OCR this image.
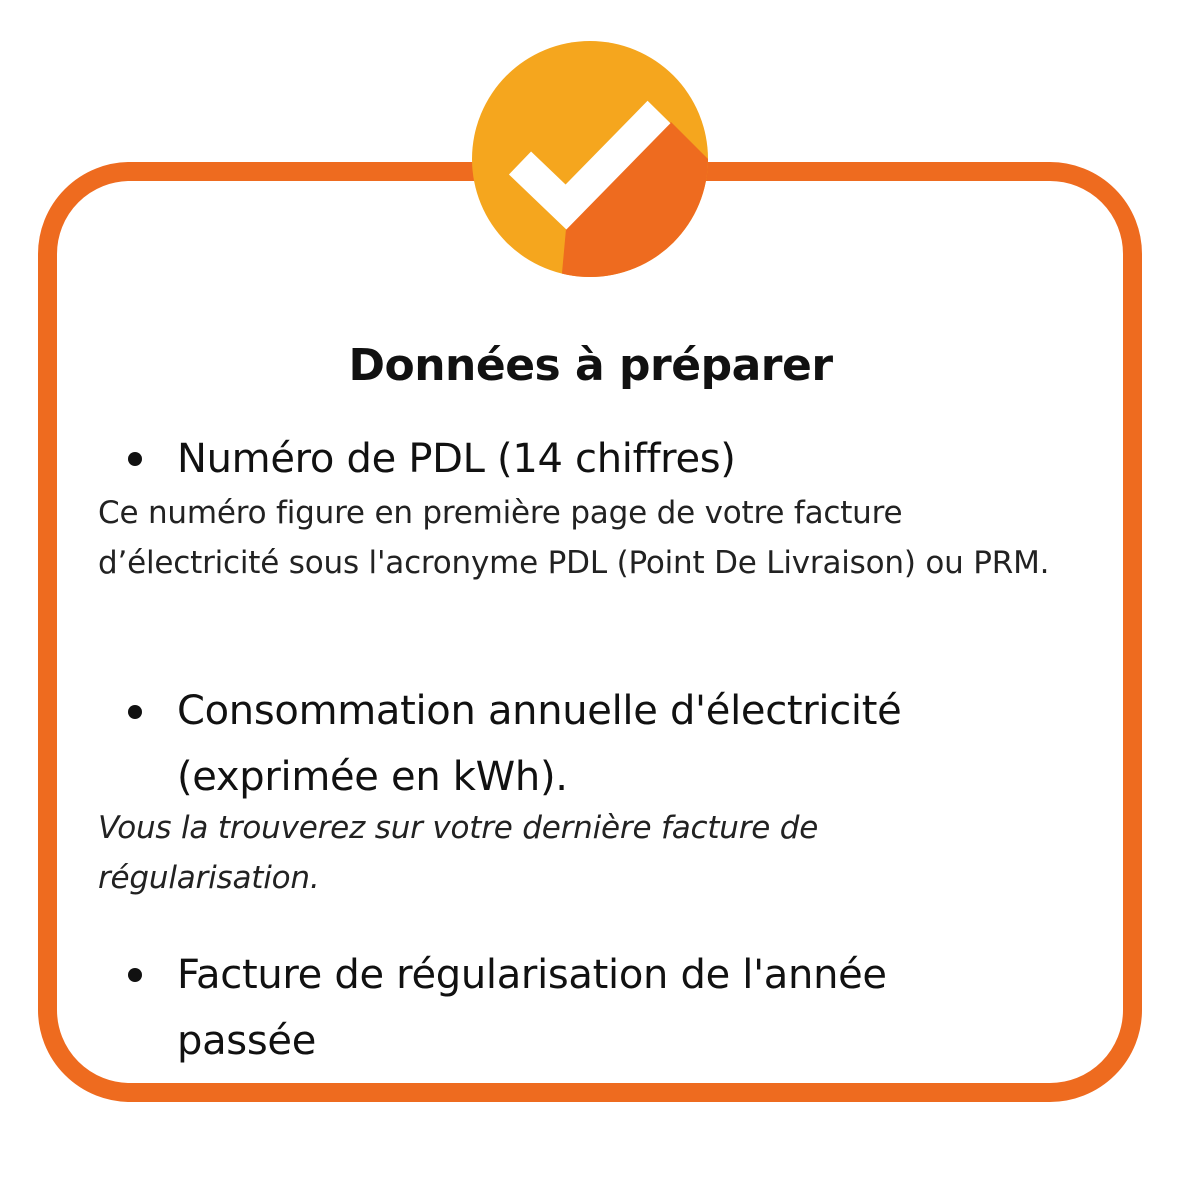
Données à préparer
Numéro de PDL (14 chiffres)
Ce numéro figure en première page de votre facture d’électricité sous l'acronyme PDL (Point De Livraison) ou PRM.
Consommation annuelle d'électricité
(exprimée en kWh).
Vous la trouverez sur votre dernière facture de régularisation.
Facture de régularisation de l'année
passée
